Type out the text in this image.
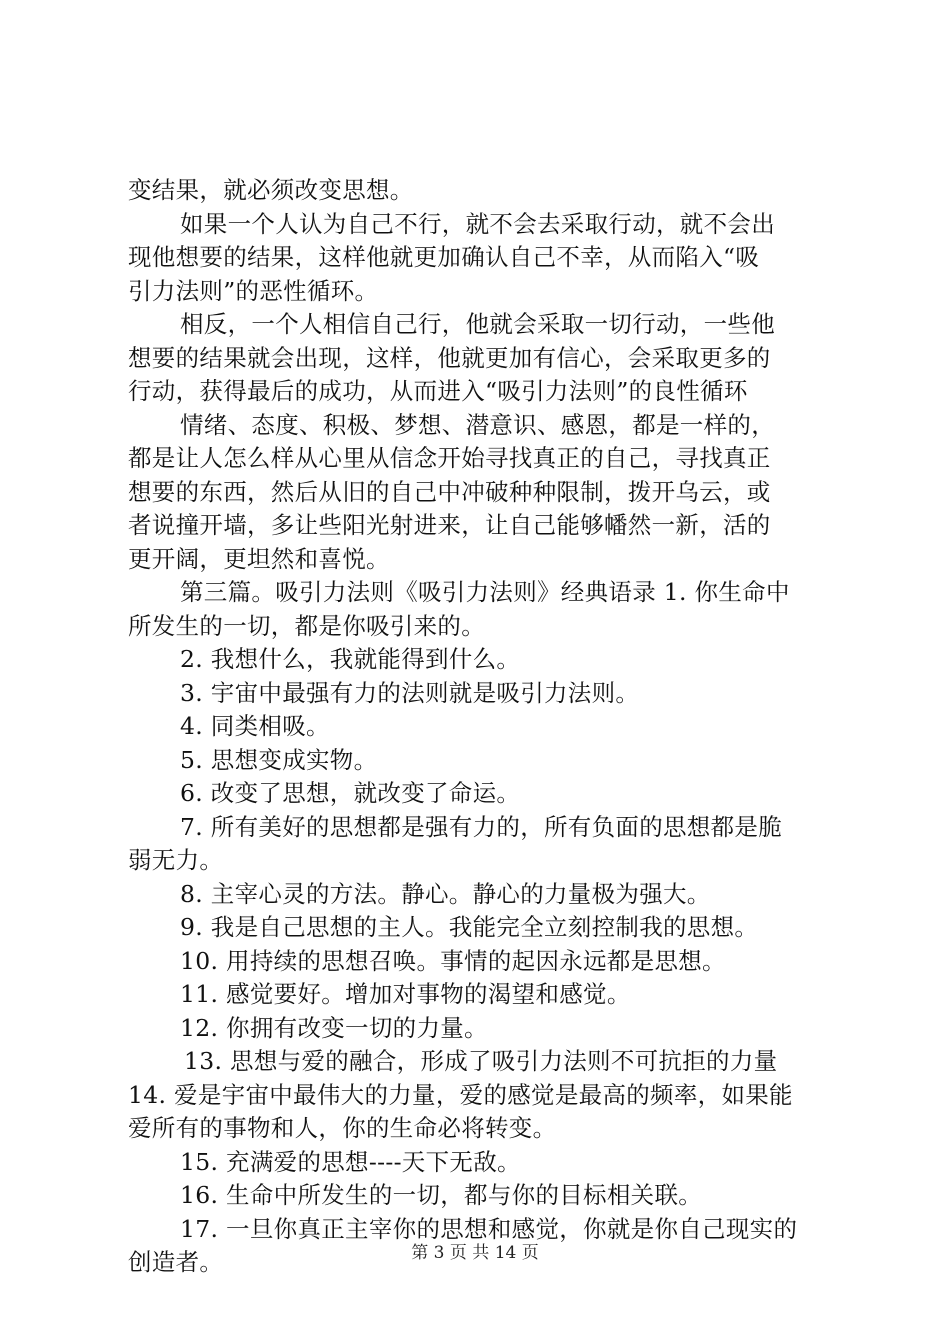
变结果，就必须改变思想。
如果一个人认为自己不行，就不会去采取行动，就不会出
现他想要的结果，这样他就更加确认自己不幸，从而陷入“吸
引力法则”的恶性循环。
相反，一个人相信自己行，他就会采取一切行动，一些他
想要的结果就会出现，这样，他就更加有信心，会采取更多的
行动，获得最后的成功，从而进入“吸引力法则”的良性循环
情绪、态度、积极、梦想、潜意识、感恩，都是一样的，
都是让人怎么样从心里从信念开始寻找真正的自己，寻找真正
想要的东西，然后从旧的自己中冲破种种限制，拨开乌云，或
者说撞开墙，多让些阳光射进来，让自己能够幡然一新，活的
更开阔，更坦然和喜悦。
第三篇。吸引力法则《吸引力法则》经典语录 1. 你生命中
所发生的一切，都是你吸引来的。
2. 我想什么，我就能得到什么。
3. 宇宙中最强有力的法则就是吸引力法则。
4. 同类相吸。
5. 思想变成实物。
6. 改变了思想，就改变了命运。
7. 所有美好的思想都是强有力的，所有负面的思想都是脆
弱无力。
8. 主宰心灵的方法。静心。静心的力量极为强大。
9. 我是自己思想的主人。我能完全立刻控制我的思想。
10. 用持续的思想召唤。事情的起因永远都是思想。
11. 感觉要好。增加对事物的渴望和感觉。
12. 你拥有改变一切的力量。
13. 思想与爱的融合，形成了吸引力法则不可抗拒的力量
14. 爱是宇宙中最伟大的力量，爱的感觉是最高的频率，如果能
爱所有的事物和人，你的生命必将转变。
15. 充满爱的思想----天下无敌。
16. 生命中所发生的一切，都与你的目标相关联。
17. 一旦你真正主宰你的思想和感觉，你就是你自己现实的
创造者。	第 3 页 共 14 页
